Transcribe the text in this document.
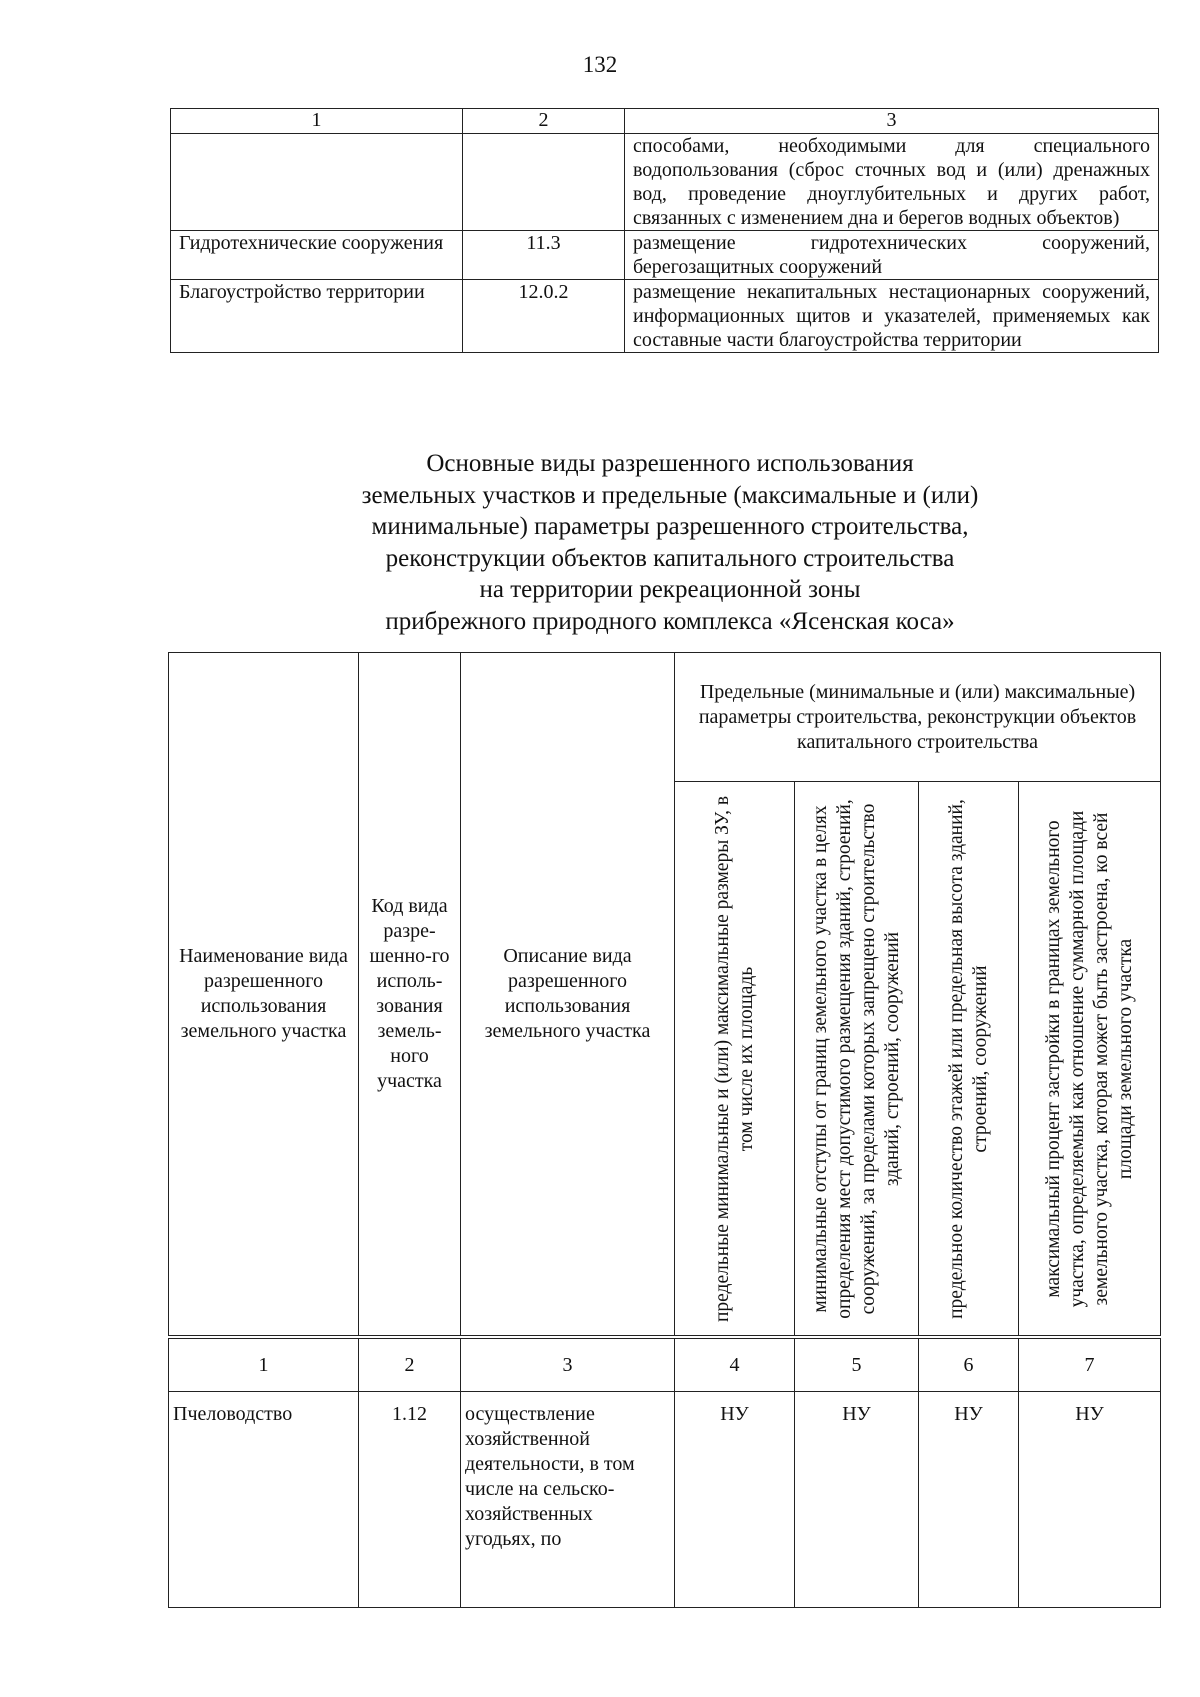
132
1	2	3
		способами, необходимыми для специального водопользования (сброс сточных вод и (или) дренажных вод, проведение дноуглубительных и других работ, связанных с изменением дна и берегов водных объектов)
Гидротехнические сооружения	11.3	размещение гидротехнических сооружений, берегозащитных сооружений
Благоустройство территории	12.0.2	размещение некапитальных нестационарных сооружений, информационных щитов и указателей, применяемых как составные части благоустройства территории
Основные виды разрешенного использования
земельных участков и предельные (максимальные и (или)
минимальные) параметры разрешенного строительства,
реконструкции объектов капитального строительства
на территории рекреационной зоны
прибрежного природного комплекса «Ясенская коса»
Наименование вида разрешенного использования земельного участка	Код вида разре-шенно-го исполь-зования земель-ного участка	Описание вида разрешенного использования земельного участка	Предельные (минимальные и (или) максимальные) параметры строительства, реконструкции объектов капитального строительства			

			предельные минимальные и (или) максимальные размеры ЗУ, в том числе их площадь	минимальные отступы от границ земельного участка в целях определения мест допустимого размещения зданий, строений, сооружений, за пределами которых запрещено строительство зданий, строений, сооружений	предельное количество этажей или предельная высота зданий, строений, сооружений	максимальный процент застройки в границах земельного участка, определяемый как отношение суммарной площади земельного участка, которая может быть застроена, ко всей площади земельного участка

1	2	3	4	5	6	7
Пчеловодство	1.12	осуществление хозяйственной деятельности, в том числе на сельско-хозяйственных угодьях, по	НУ	НУ	НУ	НУ
